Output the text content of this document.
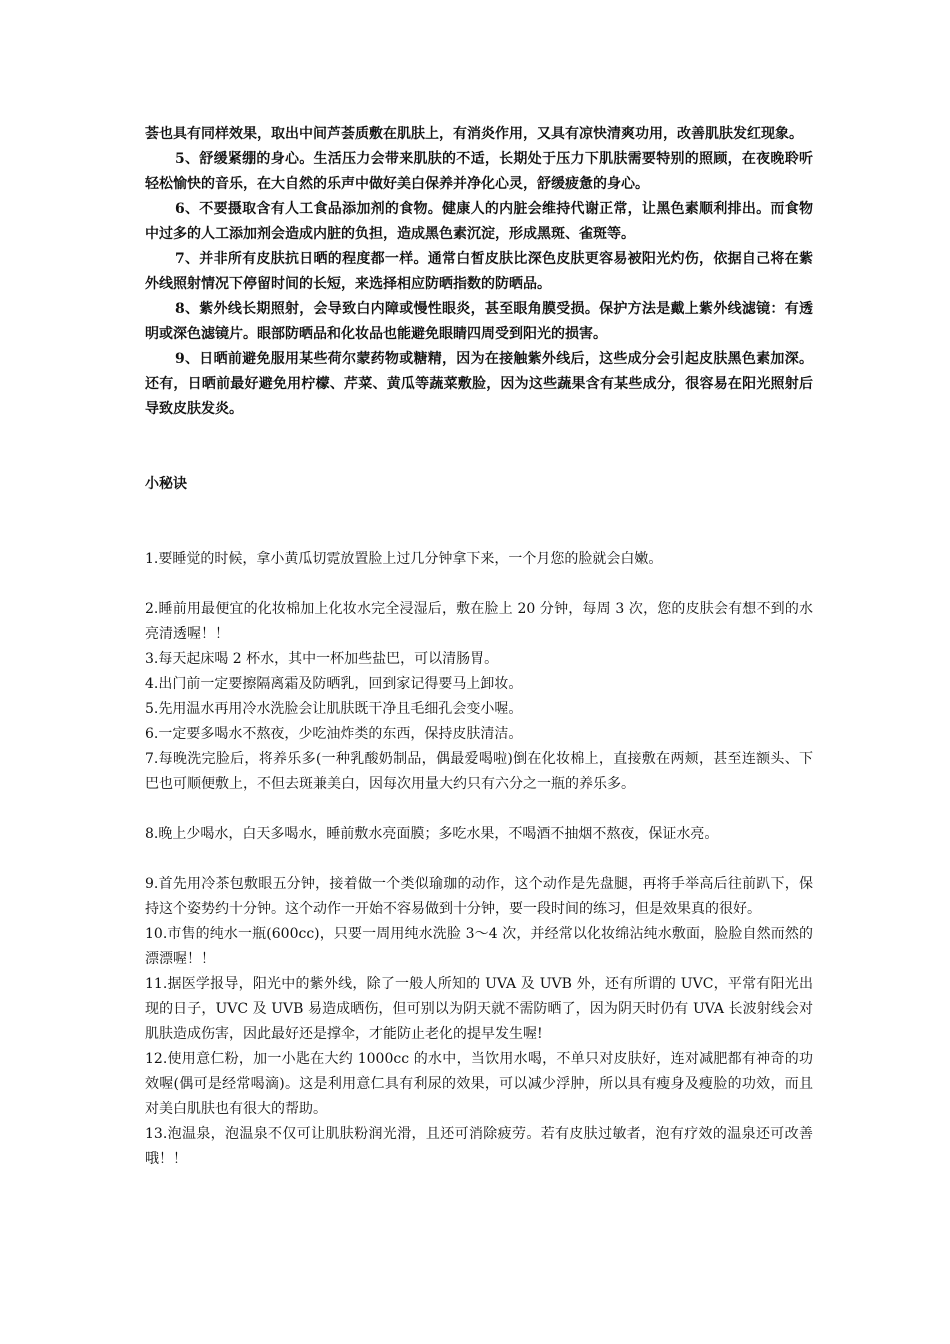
荟也具有同样效果，取出中间芦荟质敷在肌肤上，有消炎作用，又具有凉快清爽功用，改善肌肤发红现象。

5、舒缓紧绷的身心。生活压力会带来肌肤的不适，长期处于压力下肌肤需要特别的照顾，在夜晚聆听轻松愉快的音乐，在大自然的乐声中做好美白保养并净化心灵，舒缓疲惫的身心。

6、不要摄取含有人工食品添加剂的食物。健康人的内脏会维持代谢正常，让黑色素顺利排出。而食物中过多的人工添加剂会造成内脏的负担，造成黑色素沉淀，形成黑斑、雀斑等。

7、并非所有皮肤抗日晒的程度都一样。通常白皙皮肤比深色皮肤更容易被阳光灼伤，依据自己将在紫外线照射情况下停留时间的长短，来选择相应防晒指数的防晒品。

8、紫外线长期照射，会导致白内障或慢性眼炎，甚至眼角膜受损。保护方法是戴上紫外线滤镜：有透明或深色滤镜片。眼部防晒品和化妆品也能避免眼睛四周受到阳光的损害。

9、日晒前避免服用某些荷尔蒙药物或糖精，因为在接触紫外线后，这些成分会引起皮肤黑色素加深。还有，日晒前最好避免用柠檬、芹菜、黄瓜等蔬菜敷脸，因为这些蔬果含有某些成分，很容易在阳光照射后导致皮肤发炎。

小秘诀

1.要睡觉的时候，拿小黄瓜切霓放置脸上过几分钟拿下来，一个月您的脸就会白嫩。

2.睡前用最便宜的化妆棉加上化妆水完全浸湿后，敷在脸上 20 分钟，每周 3 次，您的皮肤会有想不到的水亮清透喔！！

3.每天起床喝 2 杯水，其中一杯加些盐巴，可以清肠胃。

4.出门前一定要擦隔离霜及防晒乳，回到家记得要马上卸妆。

5.先用温水再用冷水洗脸会让肌肤既干净且毛细孔会变小喔。

6.一定要多喝水不熬夜，少吃油炸类的东西，保持皮肤清洁。

7.每晚洗完脸后，将养乐多(一种乳酸奶制品，偶最爱喝啦)倒在化妆棉上，直接敷在两颊，甚至连额头、下巴也可顺便敷上，不但去斑兼美白，因每次用量大约只有六分之一瓶的养乐多。

8.晚上少喝水，白天多喝水，睡前敷水亮面膜；多吃水果，不喝酒不抽烟不熬夜，保证水亮。

9.首先用冷茶包敷眼五分钟，接着做一个类似瑜珈的动作，这个动作是先盘腿，再将手举高后往前趴下，保持这个姿势约十分钟。这个动作一开始不容易做到十分钟，要一段时间的练习，但是效果真的很好。

10.市售的纯水一瓶(600cc)，只要一周用纯水洗脸 3～4 次，并经常以化妆绵沾纯水敷面，脸脸自然而然的漂漂喔！！

11.据医学报导，阳光中的紫外线，除了一般人所知的 UVA 及 UVB 外，还有所谓的 UVC，平常有阳光出现的日子，UVC 及 UVB 易造成晒伤，但可别以为阴天就不需防晒了，因为阴天时仍有 UVA 长波射线会对肌肤造成伤害，因此最好还是撑伞，才能防止老化的提早发生喔!

12.使用意仁粉，加一小匙在大约 1000cc 的水中，当饮用水喝，不单只对皮肤好，连对减肥都有神奇的功效喔(偶可是经常喝滴)。这是利用意仁具有利尿的效果，可以减少浮肿，所以具有瘦身及瘦脸的功效，而且对美白肌肤也有很大的帮助。

13.泡温泉，泡温泉不仅可让肌肤粉润光滑，且还可消除疲劳。若有皮肤过敏者，泡有疗效的温泉还可改善哦！！
